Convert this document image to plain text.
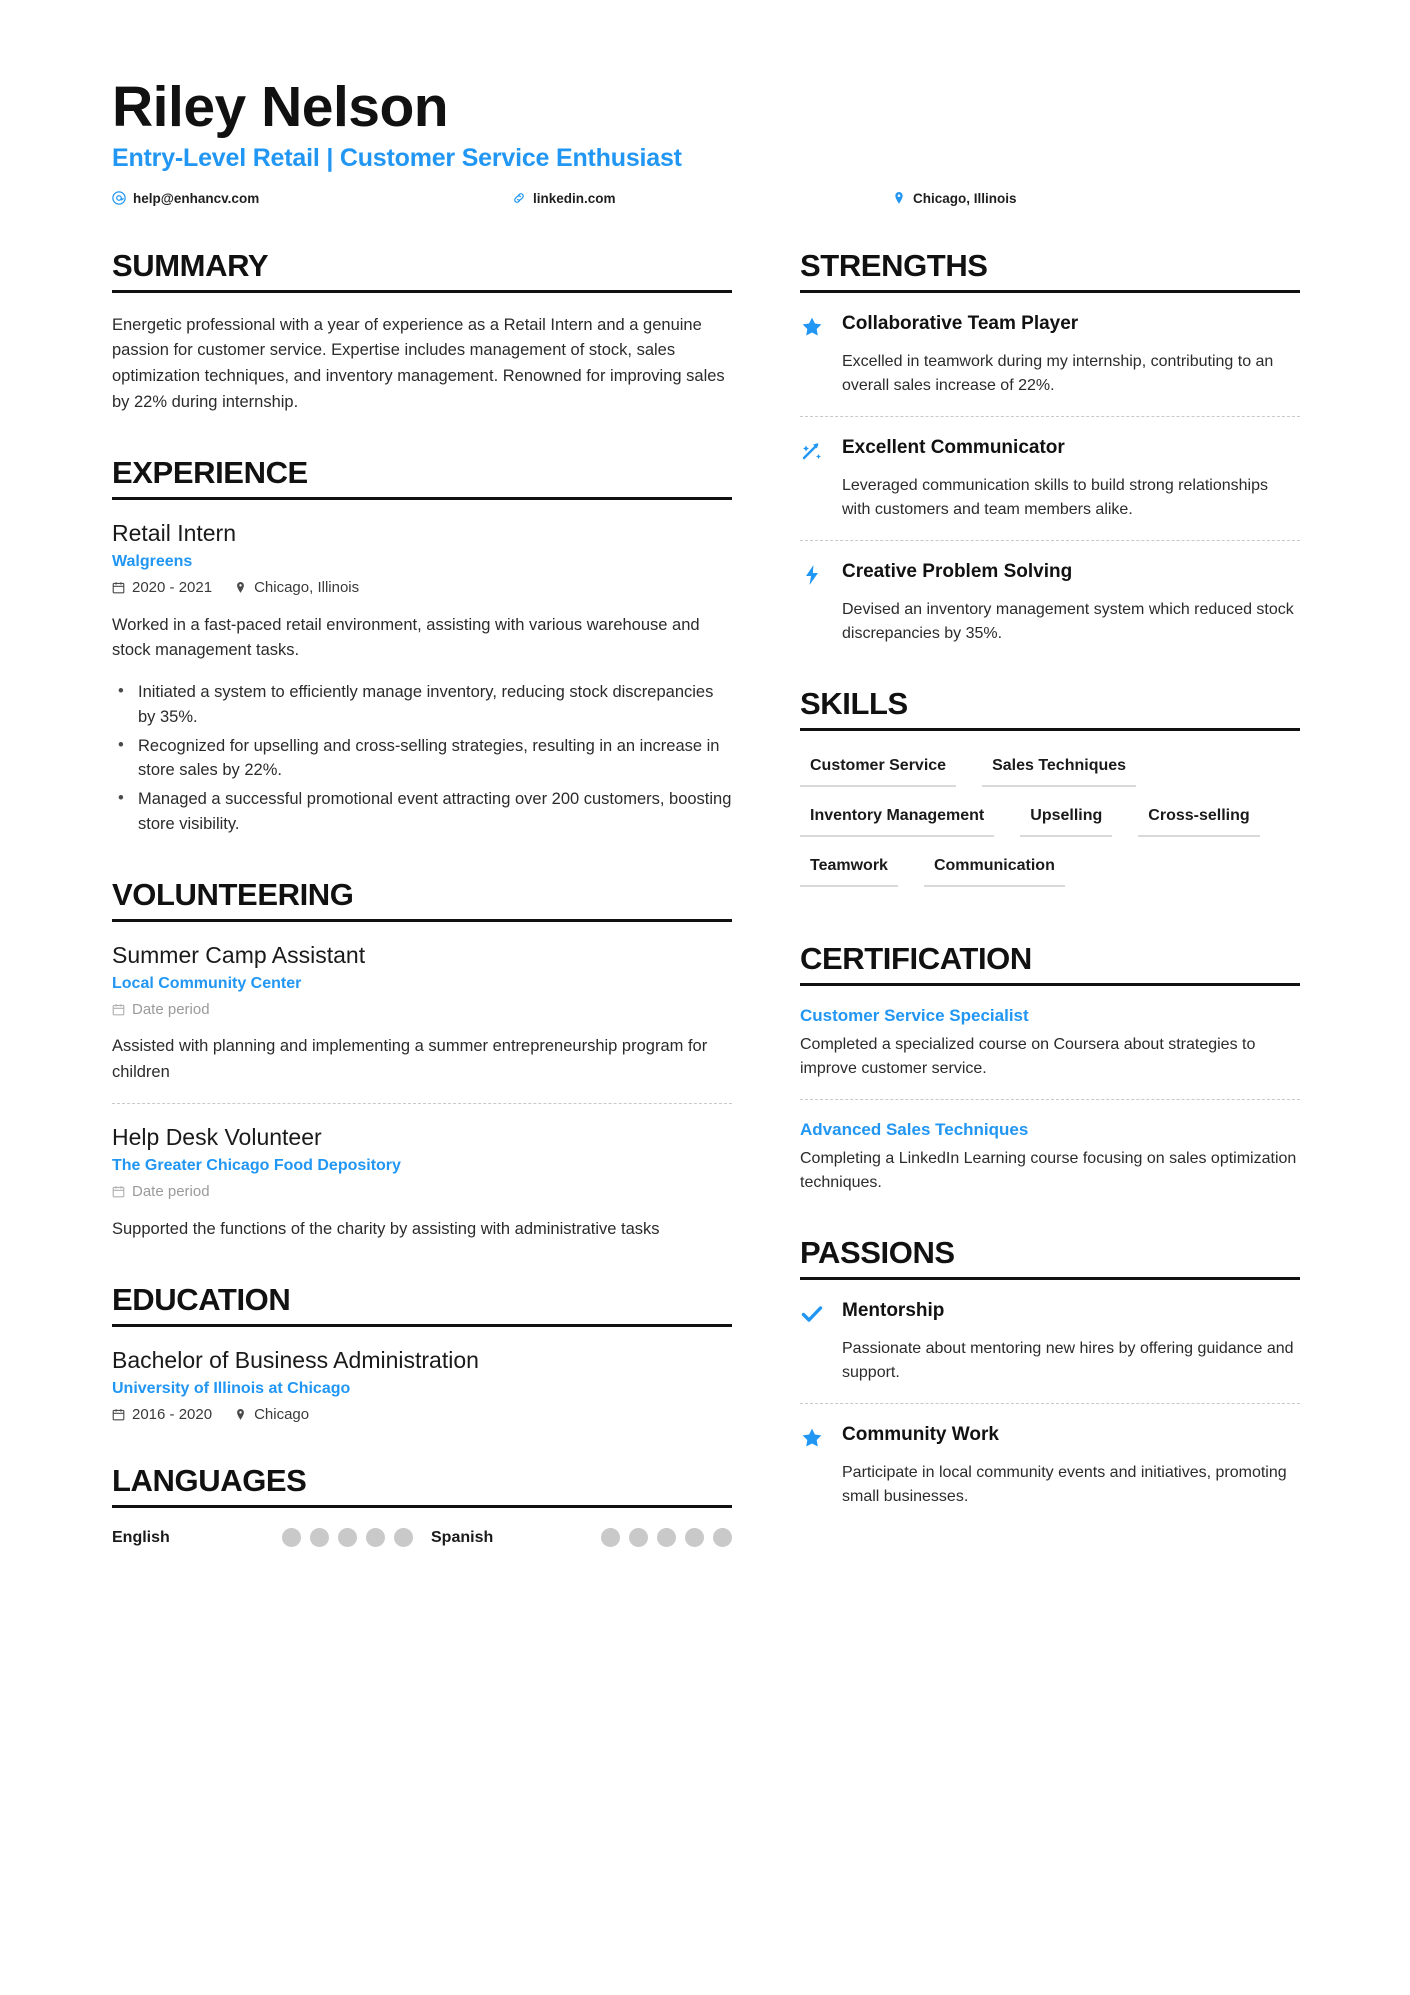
Riley Nelson
Entry-Level Retail | Customer Service Enthusiast
help@enhancv.com	linkedin.com	Chicago, Illinois
SUMMARY

Energetic professional with a year of experience as a Retail Intern and a genuine passion for customer service. Expertise includes management of stock, sales optimization techniques, and inventory management. Renowned for improving sales by 22% during internship.

EXPERIENCE
Retail Intern
Walgreens
2020 - 2021	Chicago, Illinois

Worked in a fast-paced retail environment, assisting with various warehouse and stock management tasks.

• Initiated a system to efficiently manage inventory, reducing stock discrepancies by 35%.
• Recognized for upselling and cross-selling strategies, resulting in an increase in store sales by 22%.
• Managed a successful promotional event attracting over 200 customers, boosting store visibility.
VOLUNTEERING
Summer Camp Assistant
Local Community Center
Date period

Assisted with planning and implementing a summer entrepreneurship program for children

Help Desk Volunteer
The Greater Chicago Food Depository
Date period

Supported the functions of the charity by assisting with administrative tasks

EDUCATION
Bachelor of Business Administration
University of Illinois at Chicago
2016 - 2020	Chicago
LANGUAGES
English	Spanish
STRENGTHS
Collaborative Team Player

Excelled in teamwork during my internship, contributing to an overall sales increase of 22%.

Excellent Communicator

Leveraged communication skills to build strong relationships with customers and team members alike.

Creative Problem Solving

Devised an inventory management system which reduced stock discrepancies by 35%.

SKILLS
Customer Service	Sales Techniques
Inventory Management	Upselling	Cross-selling
Teamwork	Communication
CERTIFICATION
Customer Service Specialist

Completed a specialized course on Coursera about strategies to improve customer service.

Advanced Sales Techniques

Completing a LinkedIn Learning course focusing on sales optimization techniques.

PASSIONS
Mentorship

Passionate about mentoring new hires by offering guidance and support.

Community Work

Participate in local community events and initiatives, promoting small businesses.
